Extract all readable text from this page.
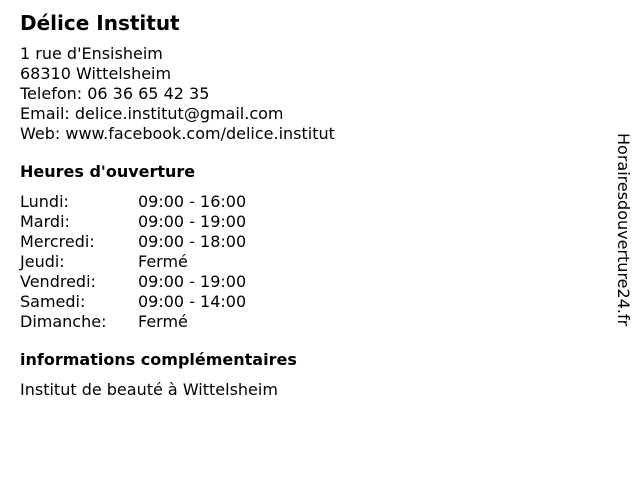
Délice Institut
1 rue d'Ensisheim
68310 Wittelsheim
Telefon: 06 36 65 42 35
Email: delice.institut@gmail.com
Web: www.facebook.com/delice.institut
Heures d'ouverture
Lundi:	09:00 - 16:00
Mardi:	09:00 - 19:00
Mercredi:	09:00 - 18:00
Jeudi:	Fermé
Vendredi:	09:00 - 19:00
Samedi:	09:00 - 14:00
Dimanche:	Fermé
informations complémentaires
Institut de beauté à Wittelsheim
Horairesdouverture24.fr
